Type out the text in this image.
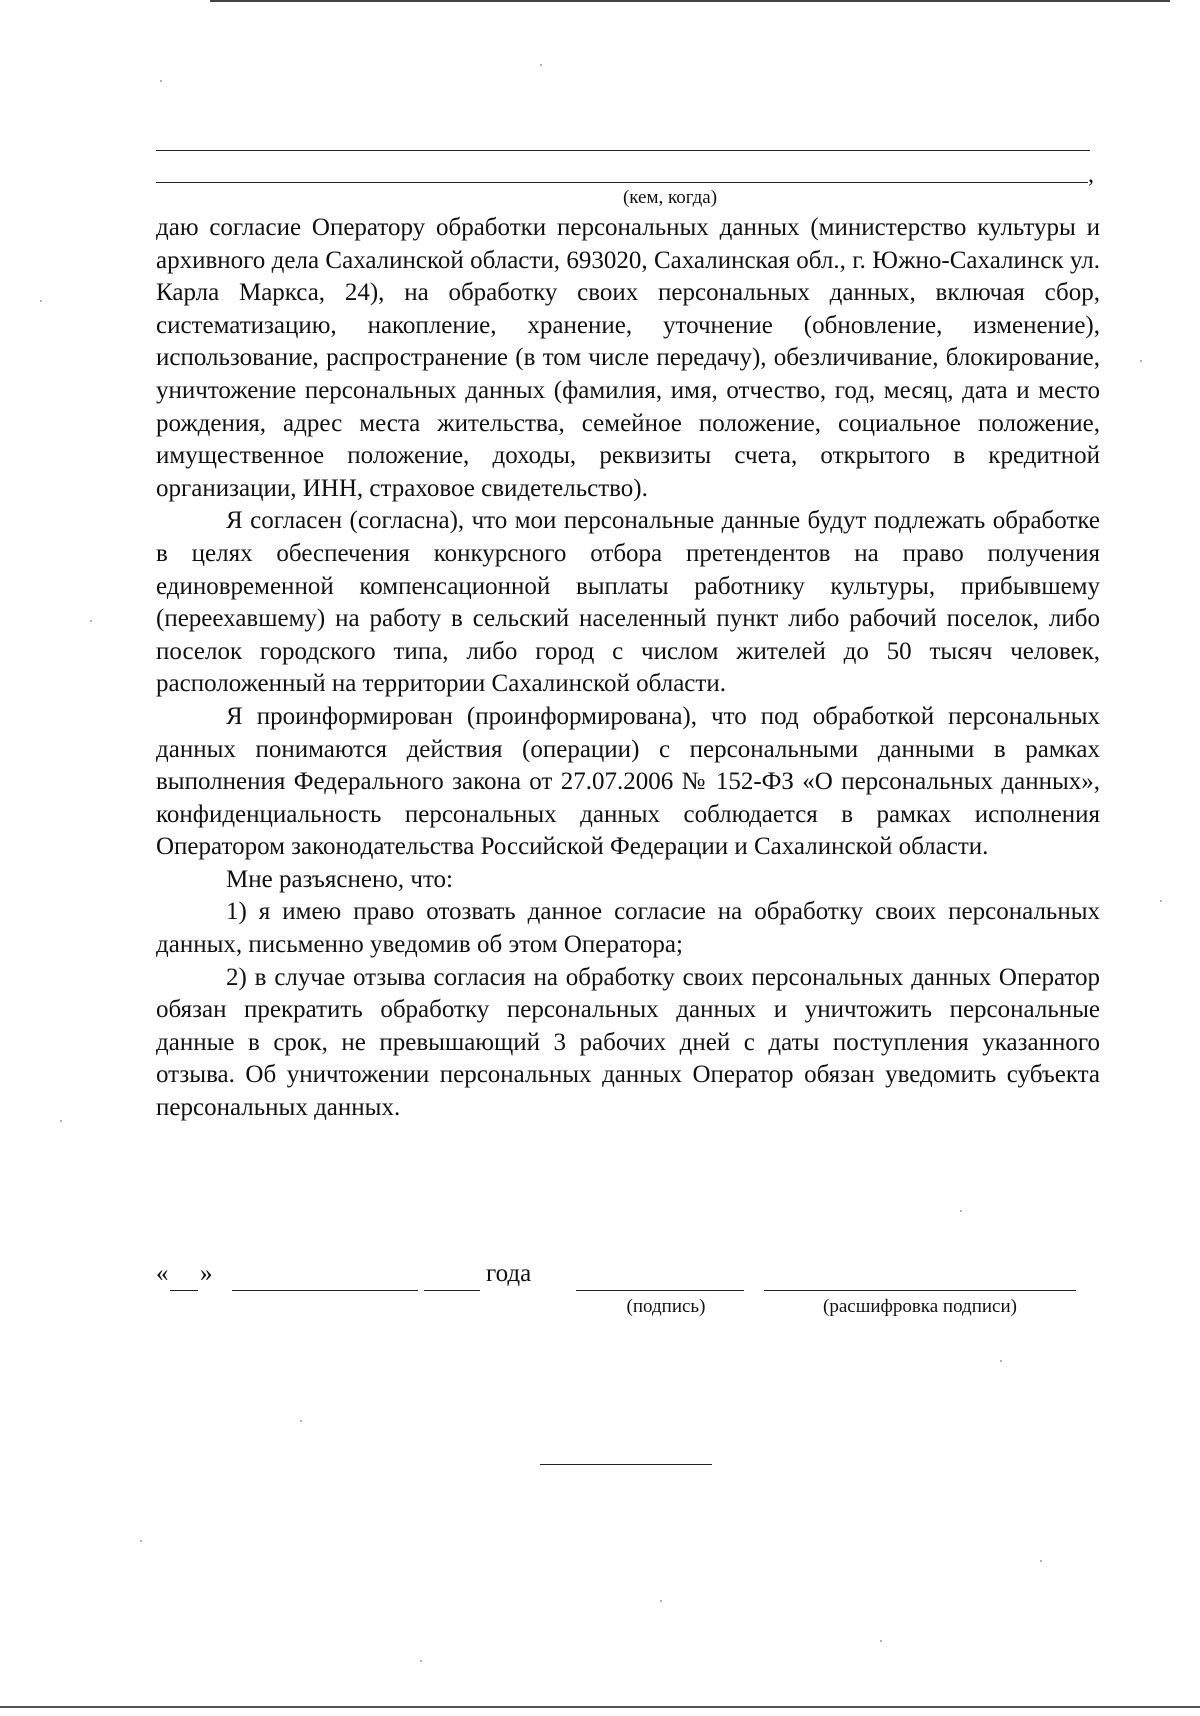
,
(кем, когда)

даю согласие Оператору обработки персональных данных (министерство культуры и архивного дела Сахалинской области, 693020, Сахалинская обл., г. Южно-Сахалинск ул. Карла Маркса, 24), на обработку своих персональных данных, включая сбор, систематизацию, накопление, хранение, уточнение (обновление, изменение), использование, распространение (в том числе передачу), обезличивание, блокирование, уничтожение персональных данных (фамилия, имя, отчество, год, месяц, дата и место рождения, адрес места жительства, семейное положение, социальное положение, имущественное положение, доходы, реквизиты счета, открытого в кредитной организации, ИНН, страховое свидетельство).

Я согласен (согласна), что мои персональные данные будут подлежать обработке в целях обеспечения конкурсного отбора претендентов на право получения единовременной компенсационной выплаты работнику культуры, прибывшему (переехавшему) на работу в сельский населенный пункт либо рабочий поселок, либо поселок городского типа, либо город с числом жителей до 50 тысяч человек, расположенный на территории Сахалинской области.

Я проинформирован (проинформирована), что под обработкой персональных данных понимаются действия (операции) с персональными данными в рамках выполнения Федерального закона от 27.07.2006 № 152-ФЗ «О персональных данных», конфиденциальность персональных данных соблюдается в рамках исполнения Оператором законодательства Российской Федерации и Сахалинской области.

Мне разъяснено, что:

1) я имею право отозвать данное согласие на обработку своих персональных данных, письменно уведомив об этом Оператора;

2) в случае отзыва согласия на обработку своих персональных данных Оператор обязан прекратить обработку персональных данных и уничтожить персональные данные в срок, не превышающий 3 рабочих дней с даты поступления указанного отзыва. Об уничтожении персональных данных Оператор обязан уведомить субъекта персональных данных.

« »	года
(подпись)	(расшифровка подписи)
